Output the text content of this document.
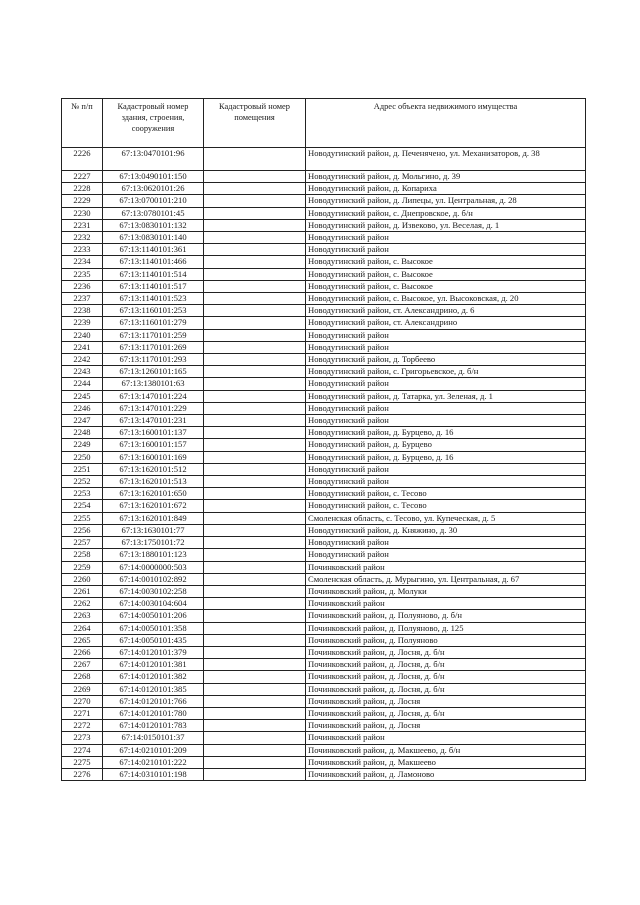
№ п/п	Кадастровый номер здания, строения, сооружения	Кадастровый номер помещения	Адрес объекта недвижимого имущества
2226	67:13:0470101:96		Новодугинский район, д. Печенячено, ул. Механизаторов, д. 38
2227	67:13:0490101:150		Новодугинский район, д. Мольгино, д. 39
2228	67:13:0620101:26		Новодугинский район, д. Копариха
2229	67:13:0700101:210		Новодугинский район, д. Липецы, ул. Центральная, д. 28
2230	67:13:0780101:45		Новодугинский район, с. Днепровское, д. б/н
2231	67:13:0830101:132		Новодугинский район, д. Извеково, ул. Веселая, д. 1
2232	67:13:0830101:140		Новодугинский район
2233	67:13:1140101:361		Новодугинский район
2234	67:13:1140101:466		Новодугинский район, с. Высокое
2235	67:13:1140101:514		Новодугинский район, с. Высокое
2236	67:13:1140101:517		Новодугинский район, с. Высокое
2237	67:13:1140101:523		Новодугинский район, с. Высокое, ул. Высоковская, д. 20
2238	67:13:1160101:253		Новодугинский район, ст. Александрино, д. 6
2239	67:13:1160101:279		Новодугинский район, ст. Александрино
2240	67:13:1170101:259		Новодугинский район
2241	67:13:1170101:269		Новодугинский район
2242	67:13:1170101:293		Новодугинский район, д. Торбеево
2243	67:13:1260101:165		Новодугинский район, с. Григорьевское, д. б/н
2244	67:13:1380101:63		Новодугинский район
2245	67:13:1470101:224		Новодугинский район, д. Татарка, ул. Зеленая, д. 1
2246	67:13:1470101:229		Новодугинский район
2247	67:13:1470101:231		Новодугинский район
2248	67:13:1600101:137		Новодугинский район, д. Бурцево, д. 16
2249	67:13:1600101:157		Новодугинский район, д. Бурцево
2250	67:13:1600101:169		Новодугинский район, д. Бурцево, д. 16
2251	67:13:1620101:512		Новодугинский район
2252	67:13:1620101:513		Новодугинский район
2253	67:13:1620101:650		Новодугинский район, с. Тесово
2254	67:13:1620101:672		Новодугинский район, с. Тесово
2255	67:13:1620101:849		Смоленская область, с. Тесово, ул. Купеческая, д. 5
2256	67:13:1630101:77		Новодугинский район, д. Княжино, д. 30
2257	67:13:1750101:72		Новодугинский район
2258	67:13:1880101:123		Новодугинский район
2259	67:14:0000000:503		Починковский район
2260	67:14:0010102:892		Смоленская область, д. Мурыгино, ул. Центральная, д. 67
2261	67:14:0030102:258		Починковский район, д. Молуки
2262	67:14:0030104:604		Починковский район
2263	67:14:0050101:206		Починковский район, д. Полуяново, д. б/н
2264	67:14:0050101:358		Починковский район, д. Полуяново, д. 125
2265	67:14:0050101:435		Починковский район, д. Полуяново
2266	67:14:0120101:379		Починковский район, д. Лосня, д. б/н
2267	67:14:0120101:381		Починковский район, д. Лосня, д. б/н
2268	67:14:0120101:382		Починковский район, д. Лосня, д. б/н
2269	67:14:0120101:385		Починковский район, д. Лосня, д. б/н
2270	67:14:0120101:766		Починковский район, д. Лосня
2271	67:14:0120101:780		Починковский район, д. Лосня, д. б/н
2272	67:14:0120101:783		Починковский район, д. Лосня
2273	67:14:0150101:37		Починковский район
2274	67:14:0210101:209		Починковский район, д. Макшеево, д. б/н
2275	67:14:0210101:222		Починковский район, д. Макшеево
2276	67:14:0310101:198		Починковский район, д. Ламоново
